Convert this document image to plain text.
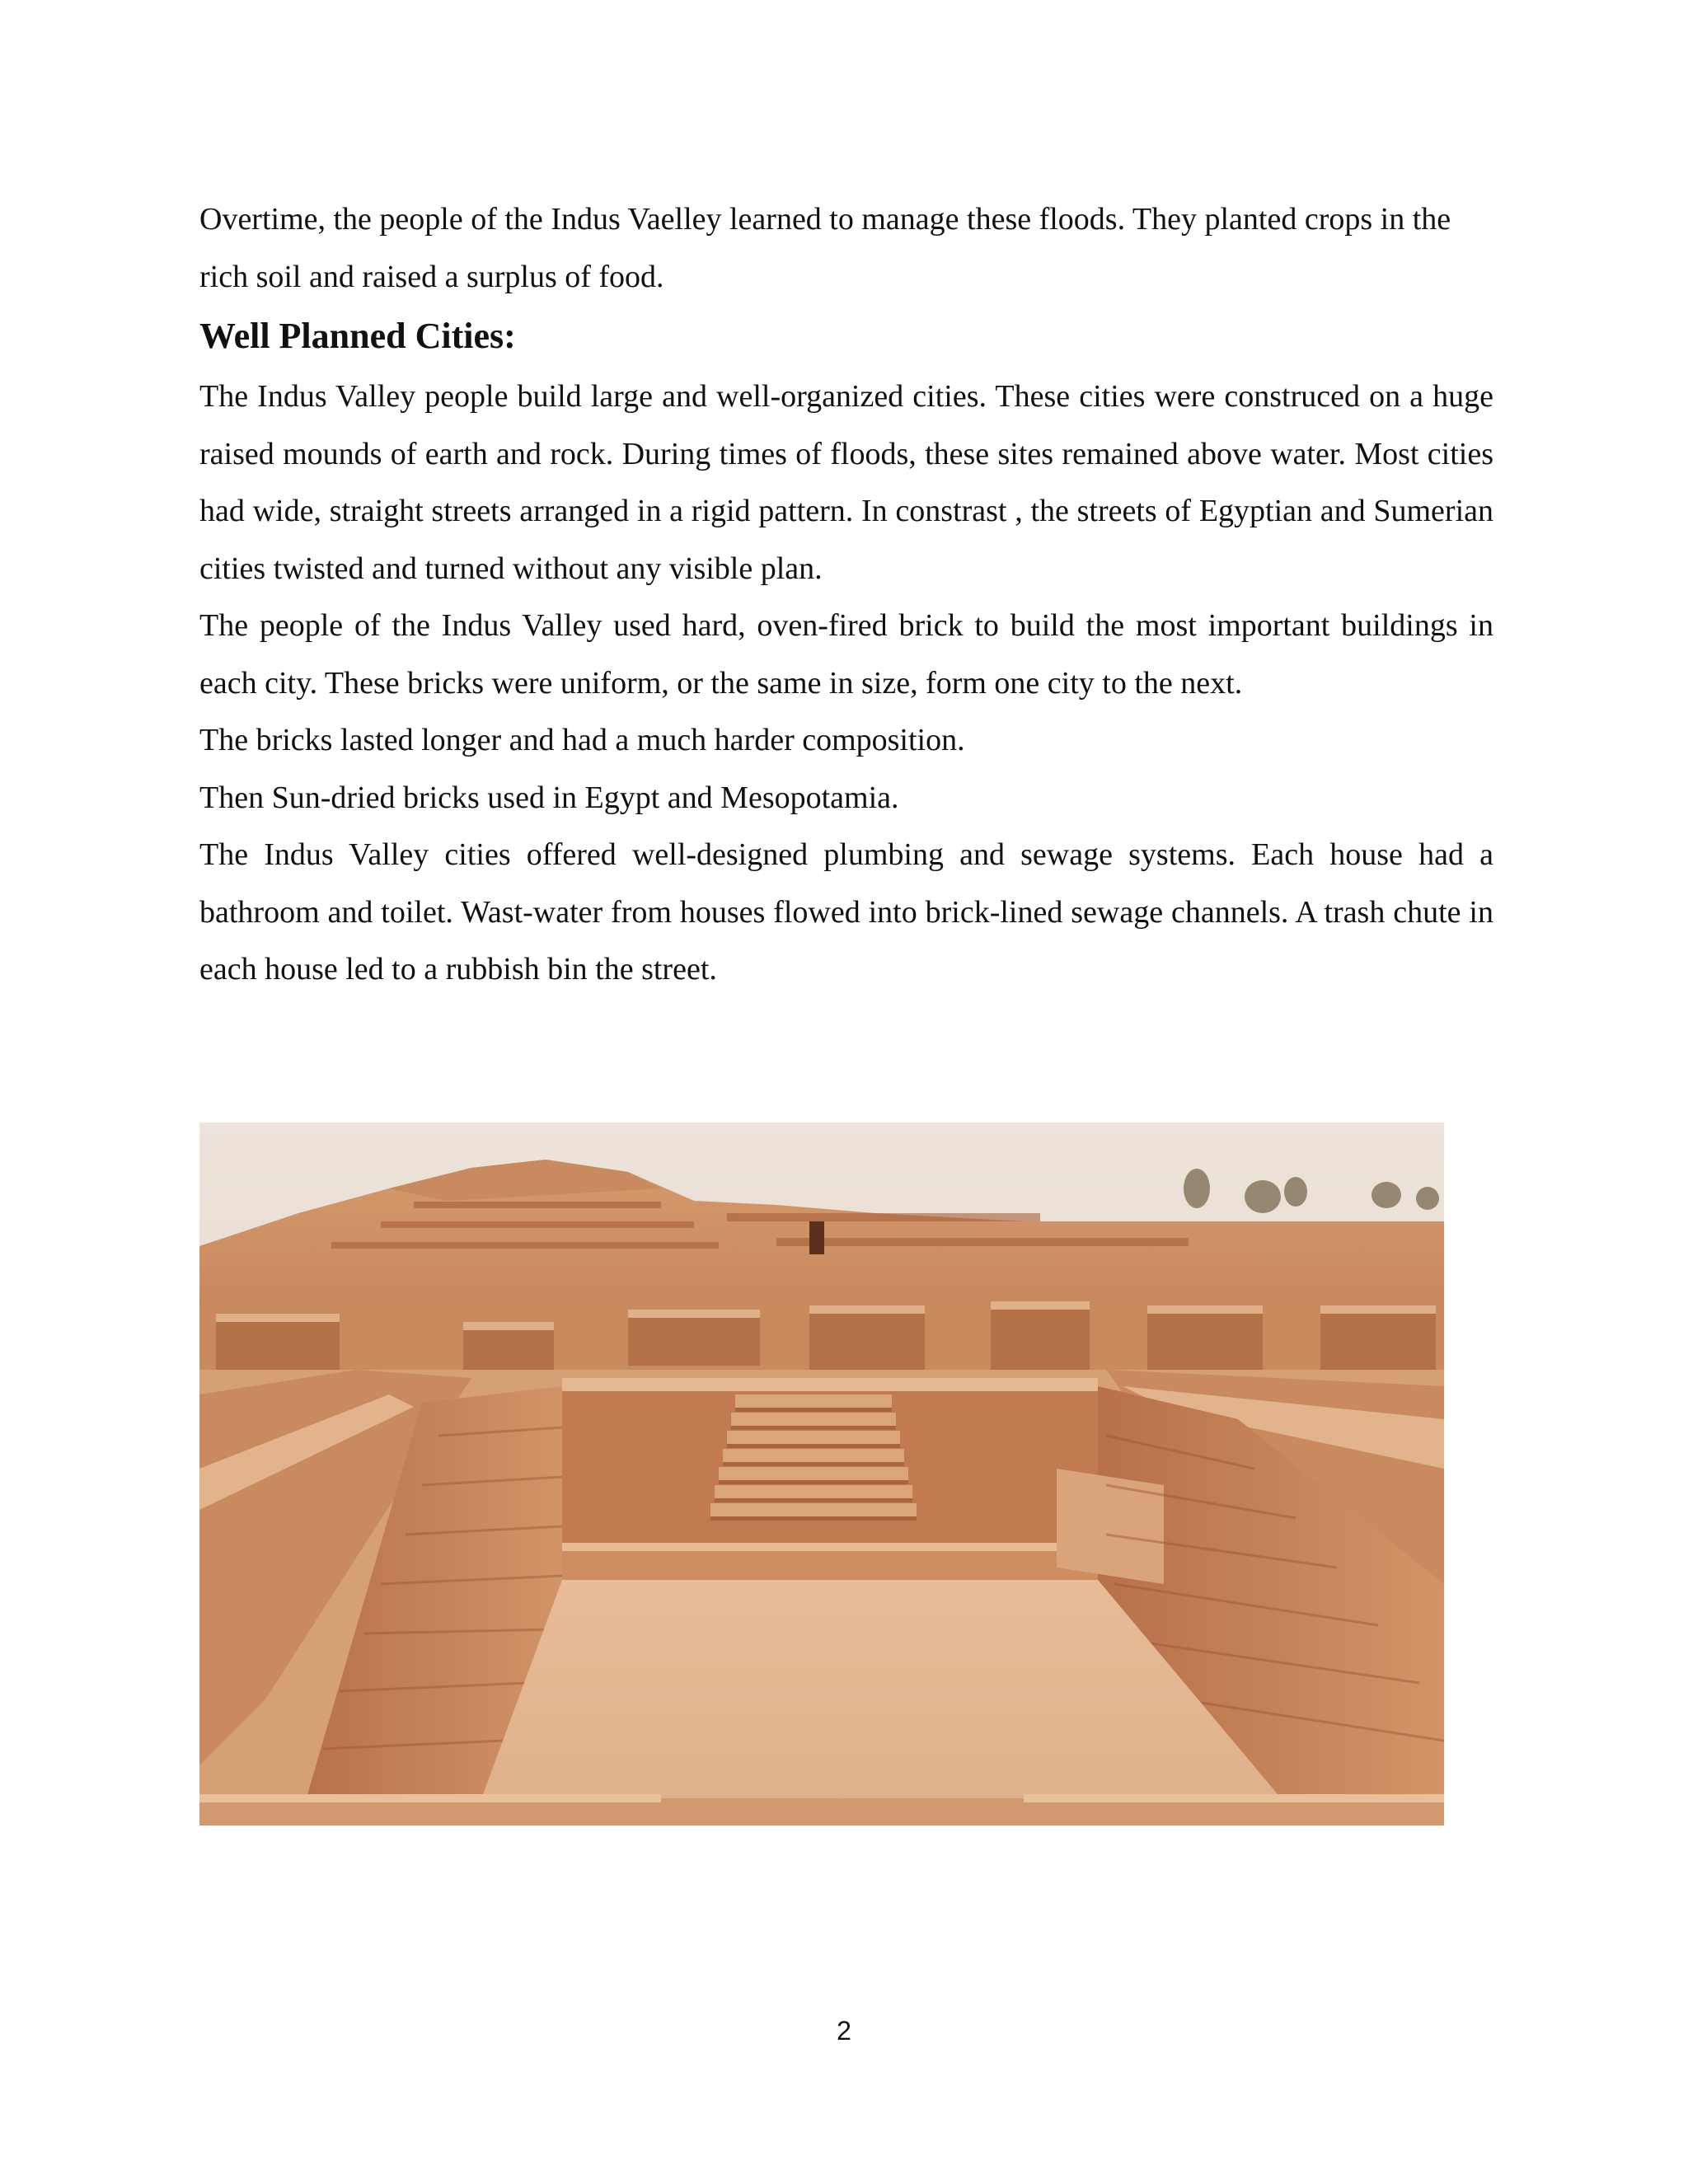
Overtime, the people of the Indus Vaelley learned to manage these floods. They planted crops in the rich soil and raised a surplus of food.

Well Planned Cities:

The Indus Valley people build large and well-organized cities. These cities were construced on a huge raised mounds of earth and rock. During times of floods, these sites remained above water. Most cities had wide, straight streets arranged in a rigid pattern. In constrast , the streets of Egyptian and Sumerian cities twisted and turned without any visible plan.

The people of the Indus Valley used hard, oven-fired brick to build the most important buildings in each city. These bricks were uniform, or the same in size, form one city to the next.

The bricks lasted longer and had a much harder composition.

Then Sun-dried bricks used in Egypt and Mesopotamia.

The Indus Valley cities offered well-designed plumbing and sewage systems. Each house had a bathroom and toilet. Wast-water from houses flowed into brick-lined sewage channels. A trash chute in each house led to a rubbish bin the street.

2
